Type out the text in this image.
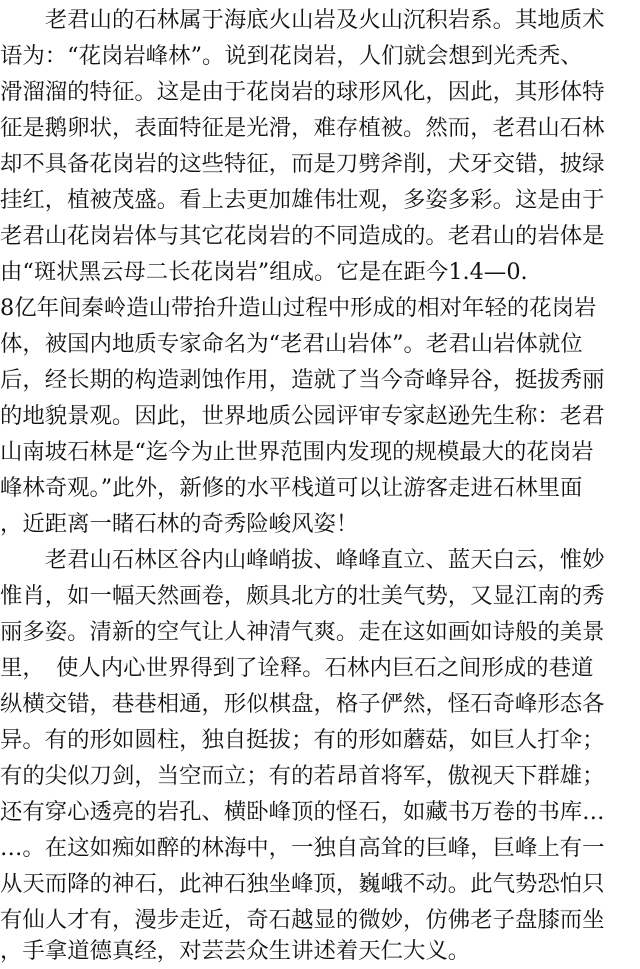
　　老君山的石林属于海底火山岩及火山沉积岩系。其地质术
语为：“花岗岩峰林”。说到花岗岩，人们就会想到光秃秃、
滑溜溜的特征。这是由于花岗岩的球形风化，因此，其形体特
征是鹅卵状，表面特征是光滑，难存植被。然而，老君山石林
却不具备花岗岩的这些特征，而是刀劈斧削，犬牙交错，披绿
挂红，植被茂盛。看上去更加雄伟壮观，多姿多彩。这是由于
老君山花岗岩体与其它花岗岩的不同造成的。老君山的岩体是
由“斑状黑云母二长花岗岩”组成。它是在距今1.4—0.
8亿年间秦岭造山带抬升造山过程中形成的相对年轻的花岗岩
体，被国内地质专家命名为“老君山岩体”。老君山岩体就位
后，经长期的构造剥蚀作用，造就了当今奇峰异谷，挺拔秀丽
的地貌景观。因此，世界地质公园评审专家赵逊先生称：老君
山南坡石林是“迄今为止世界范围内发现的规模最大的花岗岩
峰林奇观。”此外，新修的水平栈道可以让游客走进石林里面
，近距离一睹石林的奇秀险峻风姿！
　　老君山石林区谷内山峰峭拔、峰峰直立、蓝天白云，惟妙
惟肖，如一幅天然画卷，颇具北方的壮美气势，又显江南的秀
丽多姿。清新的空气让人神清气爽。走在这如画如诗般的美景
里，　使人内心世界得到了诠释。石林内巨石之间形成的巷道
纵横交错，巷巷相通，形似棋盘，格子俨然，怪石奇峰形态各
异。有的形如圆柱，独自挺拔；有的形如蘑菇，如巨人打伞；
有的尖似刀剑，当空而立；有的若昂首将军，傲视天下群雄；
还有穿心透亮的岩孔、横卧峰顶的怪石，如藏书万卷的书库…
…。在这如痴如醉的林海中，一独自高耸的巨峰，巨峰上有一
从天而降的神石，此神石独坐峰顶，巍峨不动。此气势恐怕只
有仙人才有，漫步走近，奇石越显的微妙，仿佛老子盘膝而坐
，手拿道德真经，对芸芸众生讲述着天仁大义。
